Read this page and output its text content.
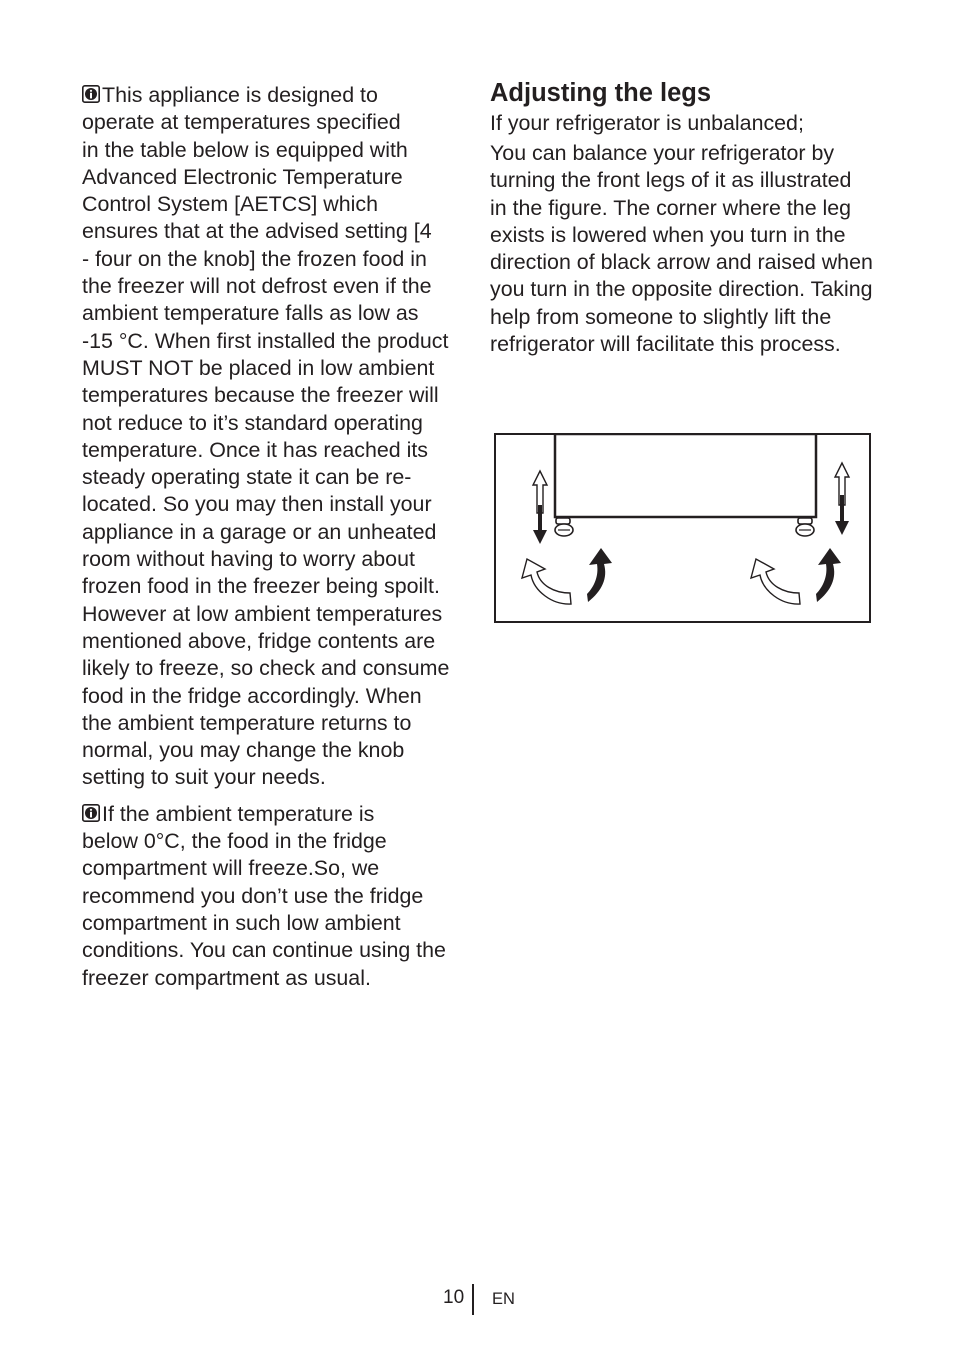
This appliance is designed to
operate at temperatures specified
in the table below is equipped with
Advanced Electronic Temperature
Control System [AETCS] which
ensures that at the advised setting [4
- four on the knob] the frozen food in
the freezer will not defrost even if the
ambient temperature falls as low as
-15 °C. When first installed the product
MUST NOT be placed in low ambient
temperatures because the freezer will
not reduce to it’s standard operating
temperature. Once it has reached its
steady operating state it can be re-
located. So you may then install your
appliance in a garage or an unheated
room without having to worry about
frozen food in the freezer being spoilt.
However at low ambient temperatures
mentioned above, fridge contents are
likely to freeze, so check and consume
food in the fridge accordingly. When
the ambient temperature returns to
normal, you may change the knob
setting to suit your needs.

If the ambient temperature is
below 0°C, the food in the fridge
compartment will freeze.So, we
recommend you don’t use the fridge
compartment in such low ambient
conditions. You can continue using the
freezer compartment as usual.

Adjusting the legs

If your refrigerator is unbalanced;

You can balance your refrigerator by turning the front legs of it as illustrated in the figure. The corner where the leg exists is lowered when you turn in the direction of black arrow and raised when you turn in the opposite direction. Taking help from someone to slightly lift the refrigerator will facilitate this process.

10 EN
